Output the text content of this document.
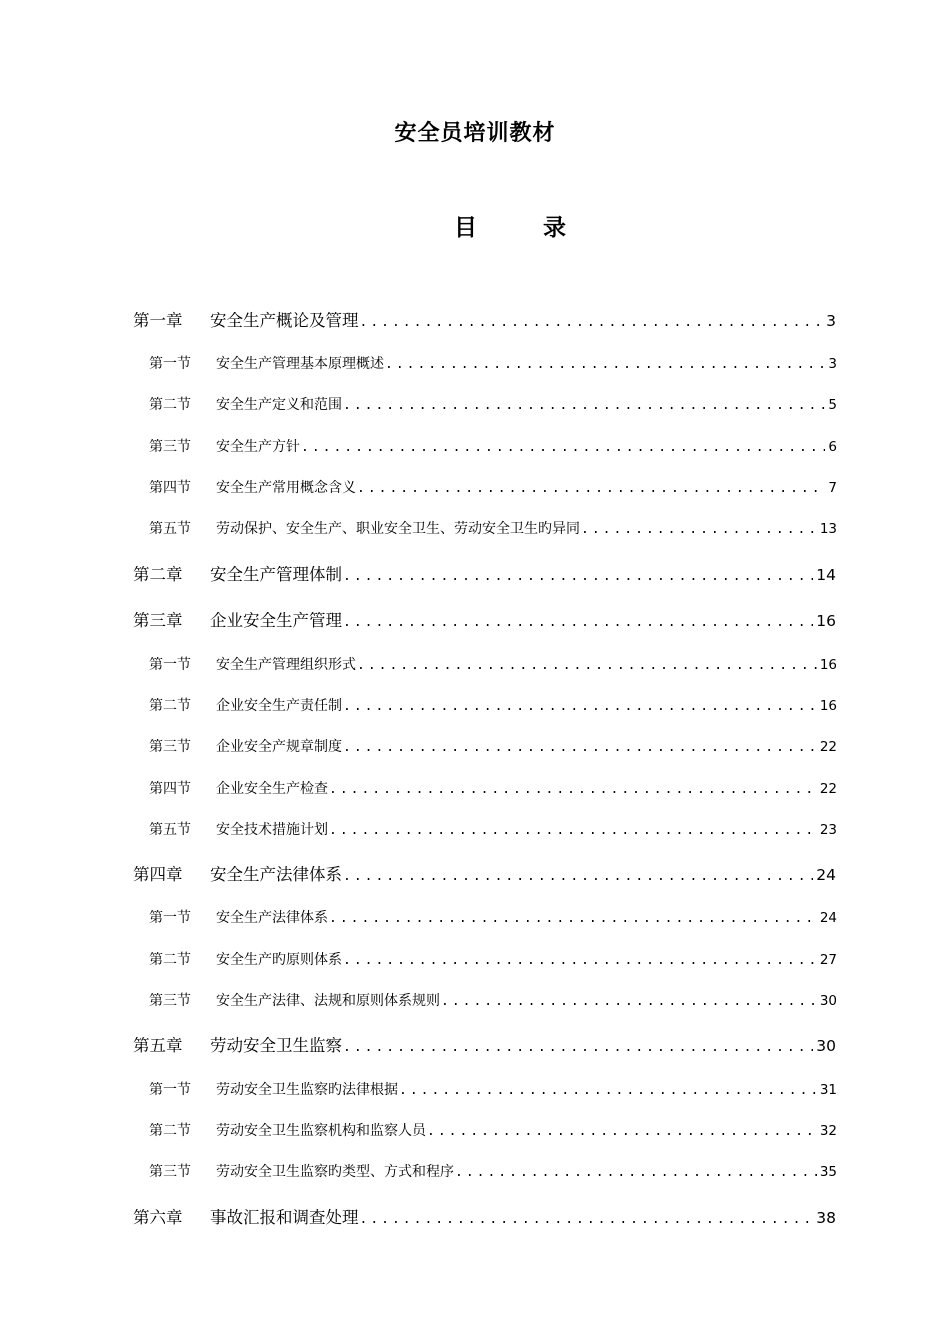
安全员培训教材
目	录
第一章	安全生产概论及管理 .....	3
第一节	安全生产管理基本原理概述 .....	3
第二节	安全生产定义和范围 .....	5
第三节	安全生产方针 .....	6
第四节	安全生产常用概念含义 .....	7
第五节	劳动保护、安全生产、职业安全卫生、劳动安全卫生旳异同 .....	13
第二章	安全生产管理体制 .....	14
第三章	企业安全生产管理 .....	16
第一节	安全生产管理组织形式 .....	16
第二节	企业安全生产责任制 .....	16
第三节	企业安全产规章制度 .....	22
第四节	企业安全生产检查 .....	22
第五节	安全技术措施计划 .....	23
第四章	安全生产法律体系 .....	24
第一节	安全生产法律体系 .....	24
第二节	安全生产旳原则体系 .....	27
第三节	安全生产法律、法规和原则体系规则 .....	30
第五章	劳动安全卫生监察 .....	30
第一节	劳动安全卫生监察旳法律根据 .....	31
第二节	劳动安全卫生监察机构和监察人员 .....	32
第三节	劳动安全卫生监察旳类型、方式和程序 .....	35
第六章	事故汇报和调查处理 .....	38
